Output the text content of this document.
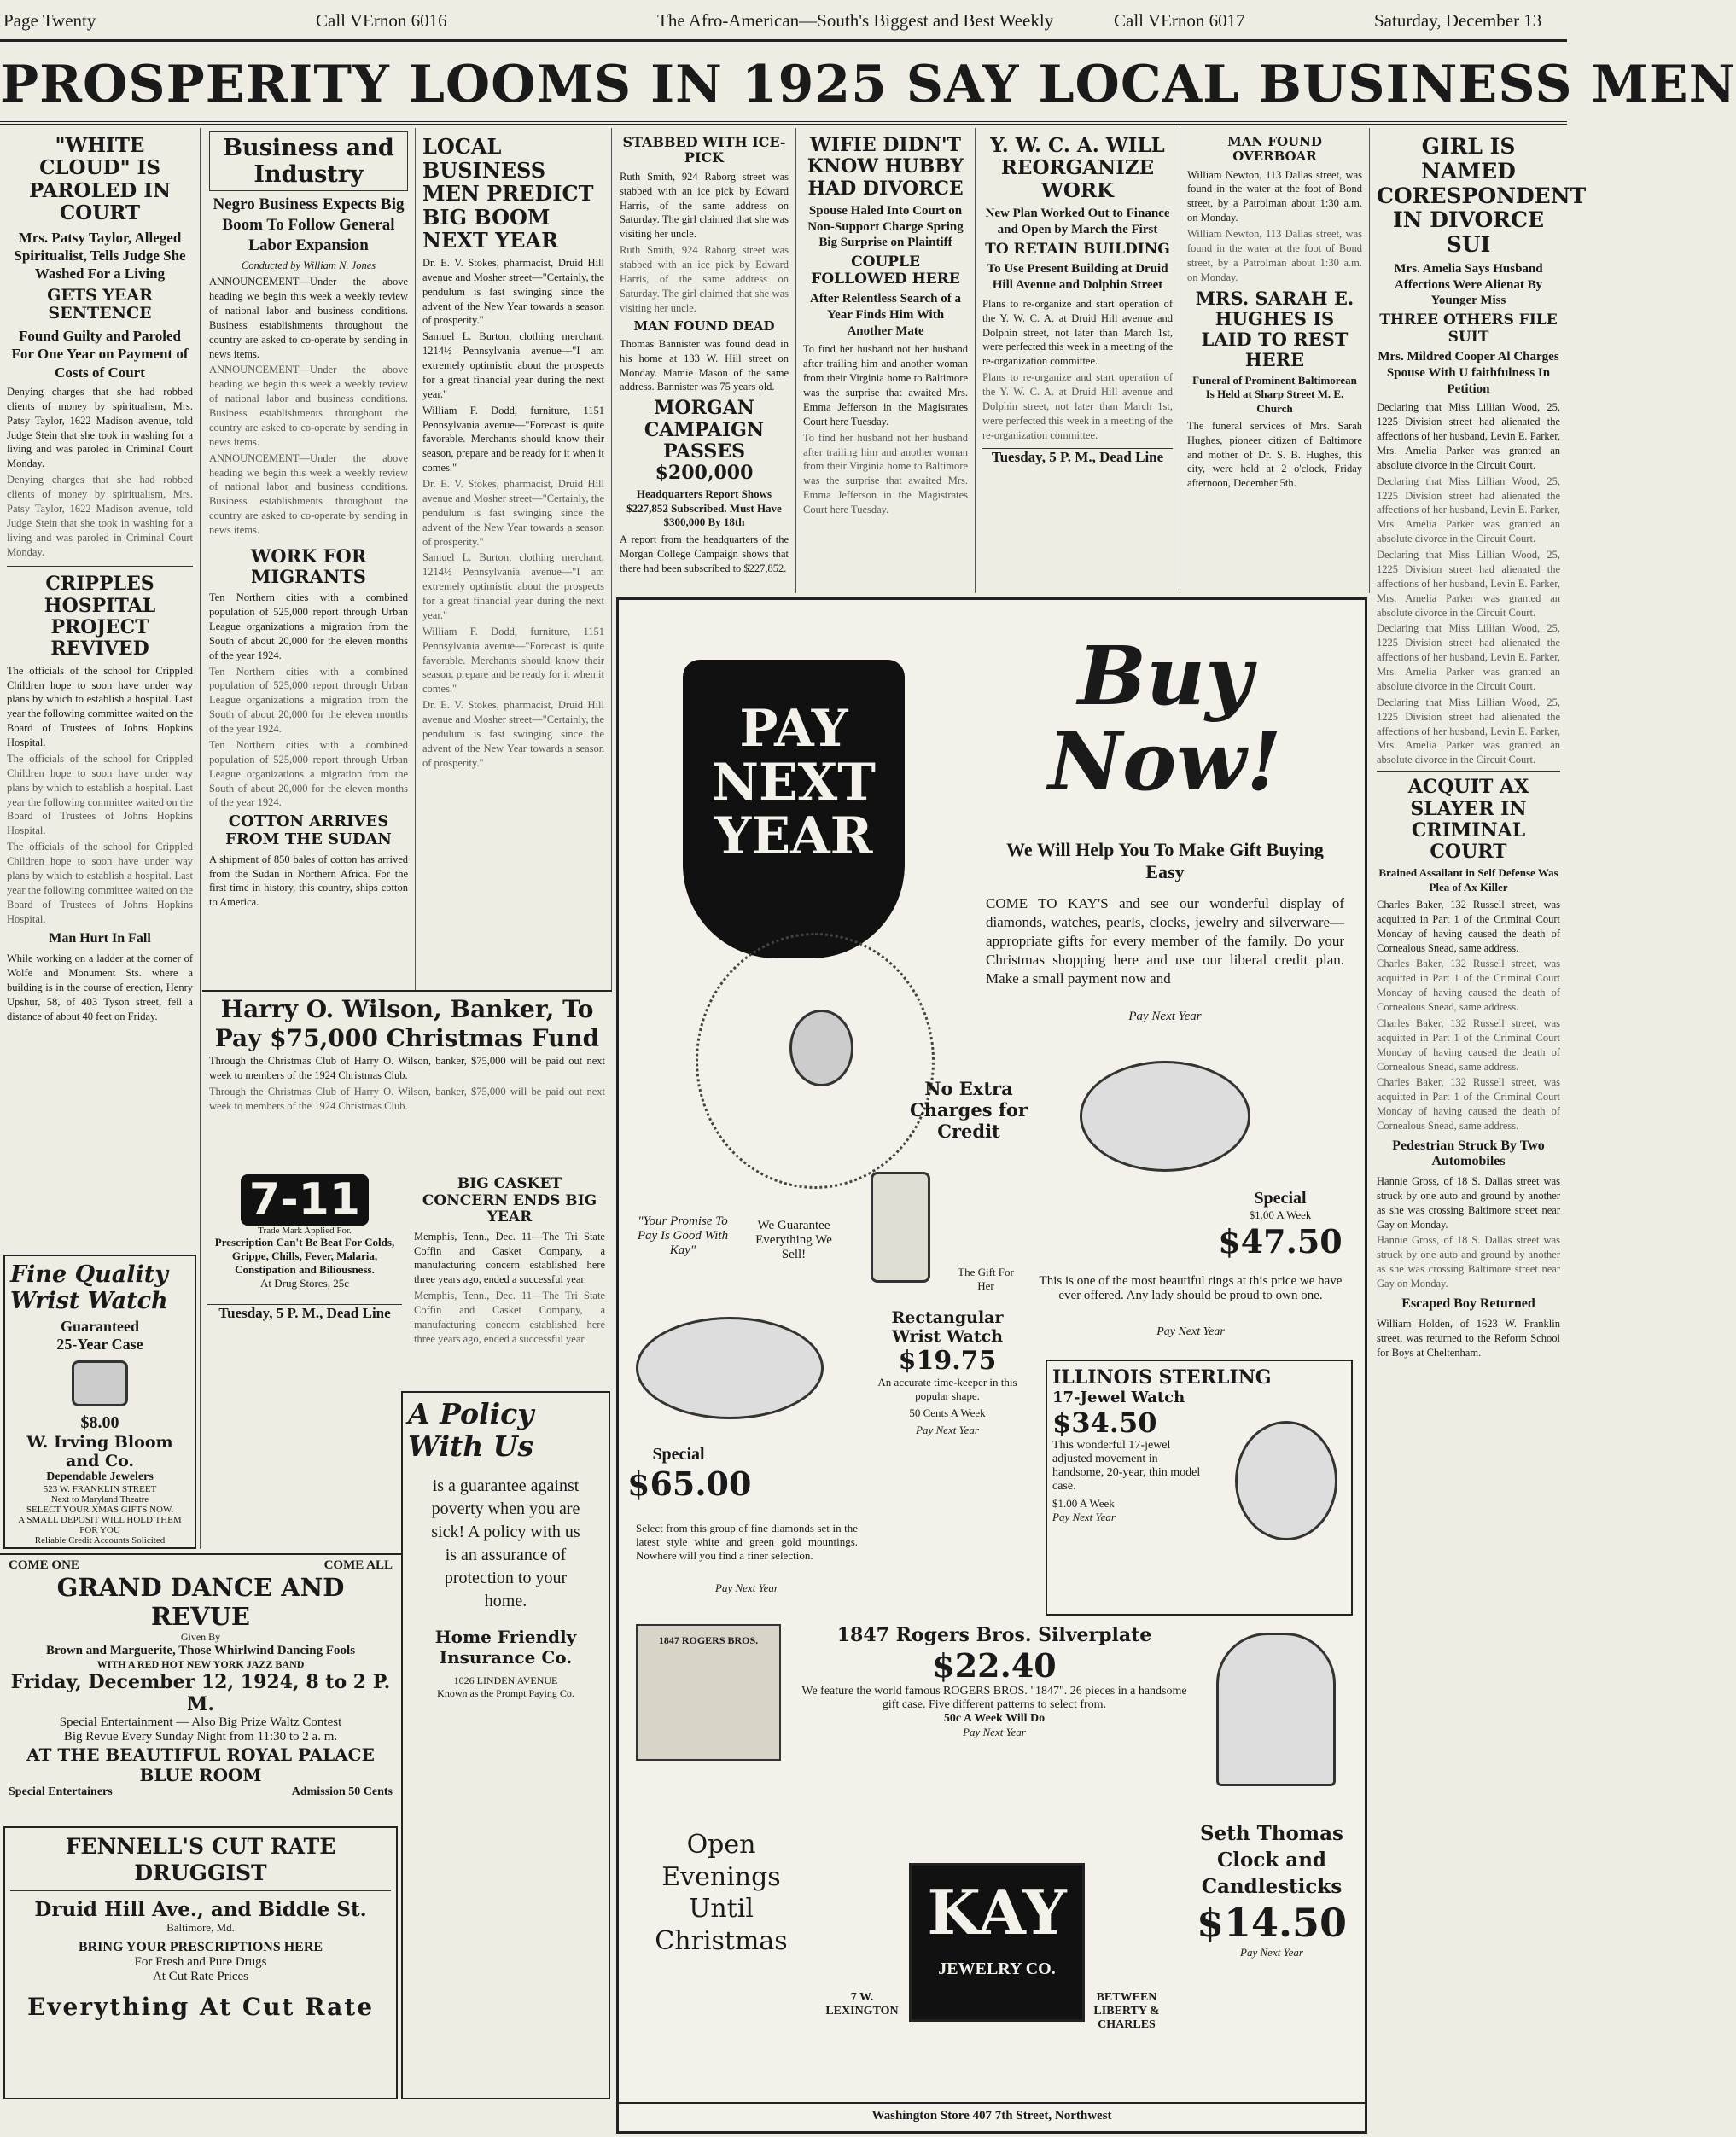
Page Twenty	Call VErnon 6016	The Afro-American—South's Biggest and Best Weekly	Call VErnon 6017	Saturday, December 13
PROSPERITY LOOMS IN 1925 SAY LOCAL BUSINESS MEN
"WHITE CLOUD" IS PAROLED IN COURT
Mrs. Patsy Taylor, Alleged Spiritualist, Tells Judge She Washed For a Living
GETS YEAR SENTENCE
Found Guilty and Paroled For One Year on Payment of Costs of Court
Denying charges that she had robbed clients of money by spiritualism, Mrs. Patsy Taylor, 1622 Madison avenue, told Judge Stein that she took in washing for a living and was paroled in Criminal Court Monday.
Denying charges that she had robbed clients of money by spiritualism, Mrs. Patsy Taylor, 1622 Madison avenue, told Judge Stein that she took in washing for a living and was paroled in Criminal Court Monday.
CRIPPLES HOSPITAL PROJECT REVIVED
The officials of the school for Crippled Children hope to soon have under way plans by which to establish a hospital. Last year the following committee waited on the Board of Trustees of Johns Hopkins Hospital.
The officials of the school for Crippled Children hope to soon have under way plans by which to establish a hospital. Last year the following committee waited on the Board of Trustees of Johns Hopkins Hospital.
The officials of the school for Crippled Children hope to soon have under way plans by which to establish a hospital. Last year the following committee waited on the Board of Trustees of Johns Hopkins Hospital.
Man Hurt In Fall
While working on a ladder at the corner of Wolfe and Monument Sts. where a building is in the course of erection, Henry Upshur, 58, of 403 Tyson street, fell a distance of about 40 feet on Friday.
Fine Quality Wrist Watch
Guaranteed
25-Year Case
$8.00
W. Irving Bloom and Co.
Dependable Jewelers
523 W. FRANKLIN STREET
Next to Maryland Theatre
SELECT YOUR XMAS GIFTS NOW.
A SMALL DEPOSIT WILL HOLD THEM FOR YOU
Reliable Credit Accounts Solicited
Business and Industry
Negro Business Expects Big Boom To Follow General Labor Expansion
Conducted by William N. Jones
ANNOUNCEMENT—Under the above heading we begin this week a weekly review of national labor and business conditions. Business establishments throughout the country are asked to co-operate by sending in news items.
ANNOUNCEMENT—Under the above heading we begin this week a weekly review of national labor and business conditions. Business establishments throughout the country are asked to co-operate by sending in news items.
ANNOUNCEMENT—Under the above heading we begin this week a weekly review of national labor and business conditions. Business establishments throughout the country are asked to co-operate by sending in news items.
WORK FOR MIGRANTS
Ten Northern cities with a combined population of 525,000 report through Urban League organizations a migration from the South of about 20,000 for the eleven months of the year 1924.
Ten Northern cities with a combined population of 525,000 report through Urban League organizations a migration from the South of about 20,000 for the eleven months of the year 1924.
Ten Northern cities with a combined population of 525,000 report through Urban League organizations a migration from the South of about 20,000 for the eleven months of the year 1924.
COTTON ARRIVES FROM THE SUDAN
A shipment of 850 bales of cotton has arrived from the Sudan in Northern Africa. For the first time in history, this country, ships cotton to America.
LOCAL BUSINESS MEN PREDICT BIG BOOM NEXT YEAR
Dr. E. V. Stokes, pharmacist, Druid Hill avenue and Mosher street—"Certainly, the pendulum is fast swinging since the advent of the New Year towards a season of prosperity."
Samuel L. Burton, clothing merchant, 1214½ Pennsylvania avenue—"I am extremely optimistic about the prospects for a great financial year during the next year."
William F. Dodd, furniture, 1151 Pennsylvania avenue—"Forecast is quite favorable. Merchants should know their season, prepare and be ready for it when it comes."
Dr. E. V. Stokes, pharmacist, Druid Hill avenue and Mosher street—"Certainly, the pendulum is fast swinging since the advent of the New Year towards a season of prosperity."
Samuel L. Burton, clothing merchant, 1214½ Pennsylvania avenue—"I am extremely optimistic about the prospects for a great financial year during the next year."
William F. Dodd, furniture, 1151 Pennsylvania avenue—"Forecast is quite favorable. Merchants should know their season, prepare and be ready for it when it comes."
Dr. E. V. Stokes, pharmacist, Druid Hill avenue and Mosher street—"Certainly, the pendulum is fast swinging since the advent of the New Year towards a season of prosperity."
Harry O. Wilson, Banker, To Pay $75,000 Christmas Fund
Through the Christmas Club of Harry O. Wilson, banker, $75,000 will be paid out next week to members of the 1924 Christmas Club.
Through the Christmas Club of Harry O. Wilson, banker, $75,000 will be paid out next week to members of the 1924 Christmas Club.
7-11
Trade Mark Applied For.
Prescription Can't Be Beat For Colds, Grippe, Chills, Fever, Malaria, Constipation and Biliousness.
At Drug Stores, 25c
Tuesday, 5 P. M., Dead Line
BIG CASKET CONCERN ENDS BIG YEAR
Memphis, Tenn., Dec. 11—The Tri State Coffin and Casket Company, a manufacturing concern established here three years ago, ended a successful year.
Memphis, Tenn., Dec. 11—The Tri State Coffin and Casket Company, a manufacturing concern established here three years ago, ended a successful year.
COME ONE	COME ALL
GRAND DANCE AND REVUE
Given By
Brown and Marguerite, Those Whirlwind Dancing Fools
WITH A RED HOT NEW YORK JAZZ BAND
Friday, December 12, 1924, 8 to 2 P. M.
Special Entertainment — Also Big Prize Waltz Contest
Big Revue Every Sunday Night from 11:30 to 2 a. m.
AT THE BEAUTIFUL ROYAL PALACE
BLUE ROOM
Special Entertainers	Admission 50 Cents
FENNELL'S CUT RATE DRUGGIST
Druid Hill Ave., and Biddle St.
Baltimore, Md.
BRING YOUR PRESCRIPTIONS HERE
For Fresh and Pure Drugs
At Cut Rate Prices
Everything At Cut Rate
A Policy With Us
is a guarantee against poverty when you are sick! A policy with us is an assurance of protection to your home.
Home Friendly Insurance Co.
1026 LINDEN AVENUE
Known as the Prompt Paying Co.
STABBED WITH ICE-PICK
Ruth Smith, 924 Raborg street was stabbed with an ice pick by Edward Harris, of the same address on Saturday. The girl claimed that she was visiting her uncle.
Ruth Smith, 924 Raborg street was stabbed with an ice pick by Edward Harris, of the same address on Saturday. The girl claimed that she was visiting her uncle.
MAN FOUND DEAD
Thomas Bannister was found dead in his home at 133 W. Hill street on Monday. Mamie Mason of the same address. Bannister was 75 years old.
MORGAN CAMPAIGN PASSES $200,000
Headquarters Report Shows $227,852 Subscribed. Must Have $300,000 By 18th
A report from the headquarters of the Morgan College Campaign shows that there had been subscribed to $227,852.
WIFIE DIDN'T KNOW HUBBY HAD DIVORCE
Spouse Haled Into Court on Non-Support Charge Spring Big Surprise on Plaintiff
COUPLE FOLLOWED HERE
After Relentless Search of a Year Finds Him With Another Mate
To find her husband not her husband after trailing him and another woman from their Virginia home to Baltimore was the surprise that awaited Mrs. Emma Jefferson in the Magistrates Court here Tuesday.
To find her husband not her husband after trailing him and another woman from their Virginia home to Baltimore was the surprise that awaited Mrs. Emma Jefferson in the Magistrates Court here Tuesday.
Y. W. C. A. WILL REORGANIZE WORK
New Plan Worked Out to Finance and Open by March the First
TO RETAIN BUILDING
To Use Present Building at Druid Hill Avenue and Dolphin Street
Plans to re-organize and start operation of the Y. W. C. A. at Druid Hill avenue and Dolphin street, not later than March 1st, were perfected this week in a meeting of the re-organization committee.
Plans to re-organize and start operation of the Y. W. C. A. at Druid Hill avenue and Dolphin street, not later than March 1st, were perfected this week in a meeting of the re-organization committee.
Tuesday, 5 P. M., Dead Line
MAN FOUND OVERBOAR
William Newton, 113 Dallas street, was found in the water at the foot of Bond street, by a Patrolman about 1:30 a.m. on Monday.
William Newton, 113 Dallas street, was found in the water at the foot of Bond street, by a Patrolman about 1:30 a.m. on Monday.
MRS. SARAH E. HUGHES IS LAID TO REST HERE
Funeral of Prominent Baltimorean Is Held at Sharp Street M. E. Church
The funeral services of Mrs. Sarah Hughes, pioneer citizen of Baltimore and mother of Dr. S. B. Hughes, this city, were held at 2 o'clock, Friday afternoon, December 5th.
GIRL IS NAMED CORESPONDENT IN DIVORCE SUI
Mrs. Amelia Says Husband Affections Were Alienat By Younger Miss
THREE OTHERS FILE SUIT
Mrs. Mildred Cooper Al Charges Spouse With U faithfulness In Petition
Declaring that Miss Lillian Wood, 25, 1225 Division street had alienated the affections of her husband, Levin E. Parker, Mrs. Amelia Parker was granted an absolute divorce in the Circuit Court.
Declaring that Miss Lillian Wood, 25, 1225 Division street had alienated the affections of her husband, Levin E. Parker, Mrs. Amelia Parker was granted an absolute divorce in the Circuit Court.
Declaring that Miss Lillian Wood, 25, 1225 Division street had alienated the affections of her husband, Levin E. Parker, Mrs. Amelia Parker was granted an absolute divorce in the Circuit Court.
Declaring that Miss Lillian Wood, 25, 1225 Division street had alienated the affections of her husband, Levin E. Parker, Mrs. Amelia Parker was granted an absolute divorce in the Circuit Court.
Declaring that Miss Lillian Wood, 25, 1225 Division street had alienated the affections of her husband, Levin E. Parker, Mrs. Amelia Parker was granted an absolute divorce in the Circuit Court.
ACQUIT AX SLAYER IN CRIMINAL COURT
Brained Assailant in Self Defense Was Plea of Ax Killer
Charles Baker, 132 Russell street, was acquitted in Part 1 of the Criminal Court Monday of having caused the death of Cornealous Snead, same address.
Charles Baker, 132 Russell street, was acquitted in Part 1 of the Criminal Court Monday of having caused the death of Cornealous Snead, same address.
Charles Baker, 132 Russell street, was acquitted in Part 1 of the Criminal Court Monday of having caused the death of Cornealous Snead, same address.
Charles Baker, 132 Russell street, was acquitted in Part 1 of the Criminal Court Monday of having caused the death of Cornealous Snead, same address.
Pedestrian Struck By Two Automobiles
Hannie Gross, of 18 S. Dallas street was struck by one auto and ground by another as she was crossing Baltimore street near Gay on Monday.
Hannie Gross, of 18 S. Dallas street was struck by one auto and ground by another as she was crossing Baltimore street near Gay on Monday.
Escaped Boy Returned
William Holden, of 1623 W. Franklin street, was returned to the Reform School for Boys at Cheltenham.
PAY NEXT YEAR
Buy Now!
We Will Help You To Make Gift Buying Easy
COME TO KAY'S and see our wonderful display of diamonds, watches, pearls, clocks, jewelry and silverware—appropriate gifts for every member of the family. Do your Christmas shopping here and use our liberal credit plan. Make a small payment now and
Pay Next Year
No Extra Charges for Credit
Special
$1.00 A Week
$47.50
This is one of the most beautiful rings at this price we have ever offered. Any lady should be proud to own one.
Pay Next Year
"Your Promise To Pay Is Good With Kay"
We Guarantee Everything We Sell!
The Gift For Her
Rectangular Wrist Watch
$19.75
An accurate time-keeper in this popular shape.
50 Cents A Week
Pay Next Year
Special
$65.00
Select from this group of fine diamonds set in the latest style white and green gold mountings. Nowhere will you find a finer selection.
Pay Next Year
ILLINOIS STERLING
17-Jewel Watch
$34.50
This wonderful 17-jewel adjusted movement in handsome, 20-year, thin model case.
$1.00 A Week
Pay Next Year
1847 ROGERS BROS.	1847 Rogers Bros. Silverplate
$22.40
We feature the world famous ROGERS BROS. "1847". 26 pieces in a handsome gift case. Five different patterns to select from.
50c A Week Will Do
Pay Next Year
Open Evenings Until Christmas
7 W. LEXINGTON
KAY
JEWELRY CO.
BETWEEN LIBERTY & CHARLES
Seth Thomas Clock and Candlesticks
$14.50
Pay Next Year
Washington Store 407 7th Street, Northwest
